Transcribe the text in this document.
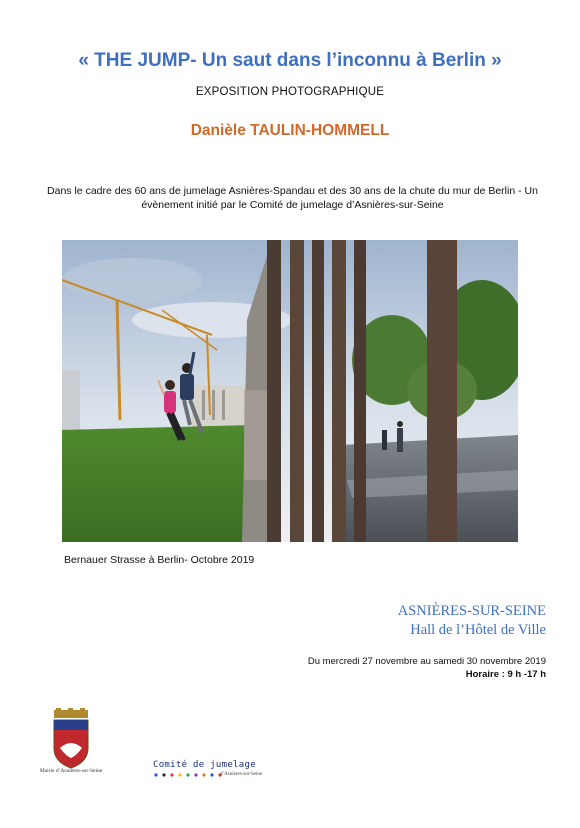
« THE JUMP- Un saut dans l’inconnu à Berlin »
EXPOSITION PHOTOGRAPHIQUE
Danièle TAULIN-HOMMELL
Dans le cadre des 60 ans de jumelage Asnières-Spandau et des 30 ans de la chute du mur de Berlin - Un évènement initié par le Comité de jumelage d’Asnières-sur-Seine
Bernauer Strasse à Berlin- Octobre 2019
ASNIÈRES-SUR-SEINE
Hall de l’Hôtel de Ville
Du mercredi 27 novembre au samedi 30 novembre 2019
Horaire : 9 h -17 h
Mairie d’Asnières-sur-Seine
Comité de jumelage
d’Asnières-sur-Seine
